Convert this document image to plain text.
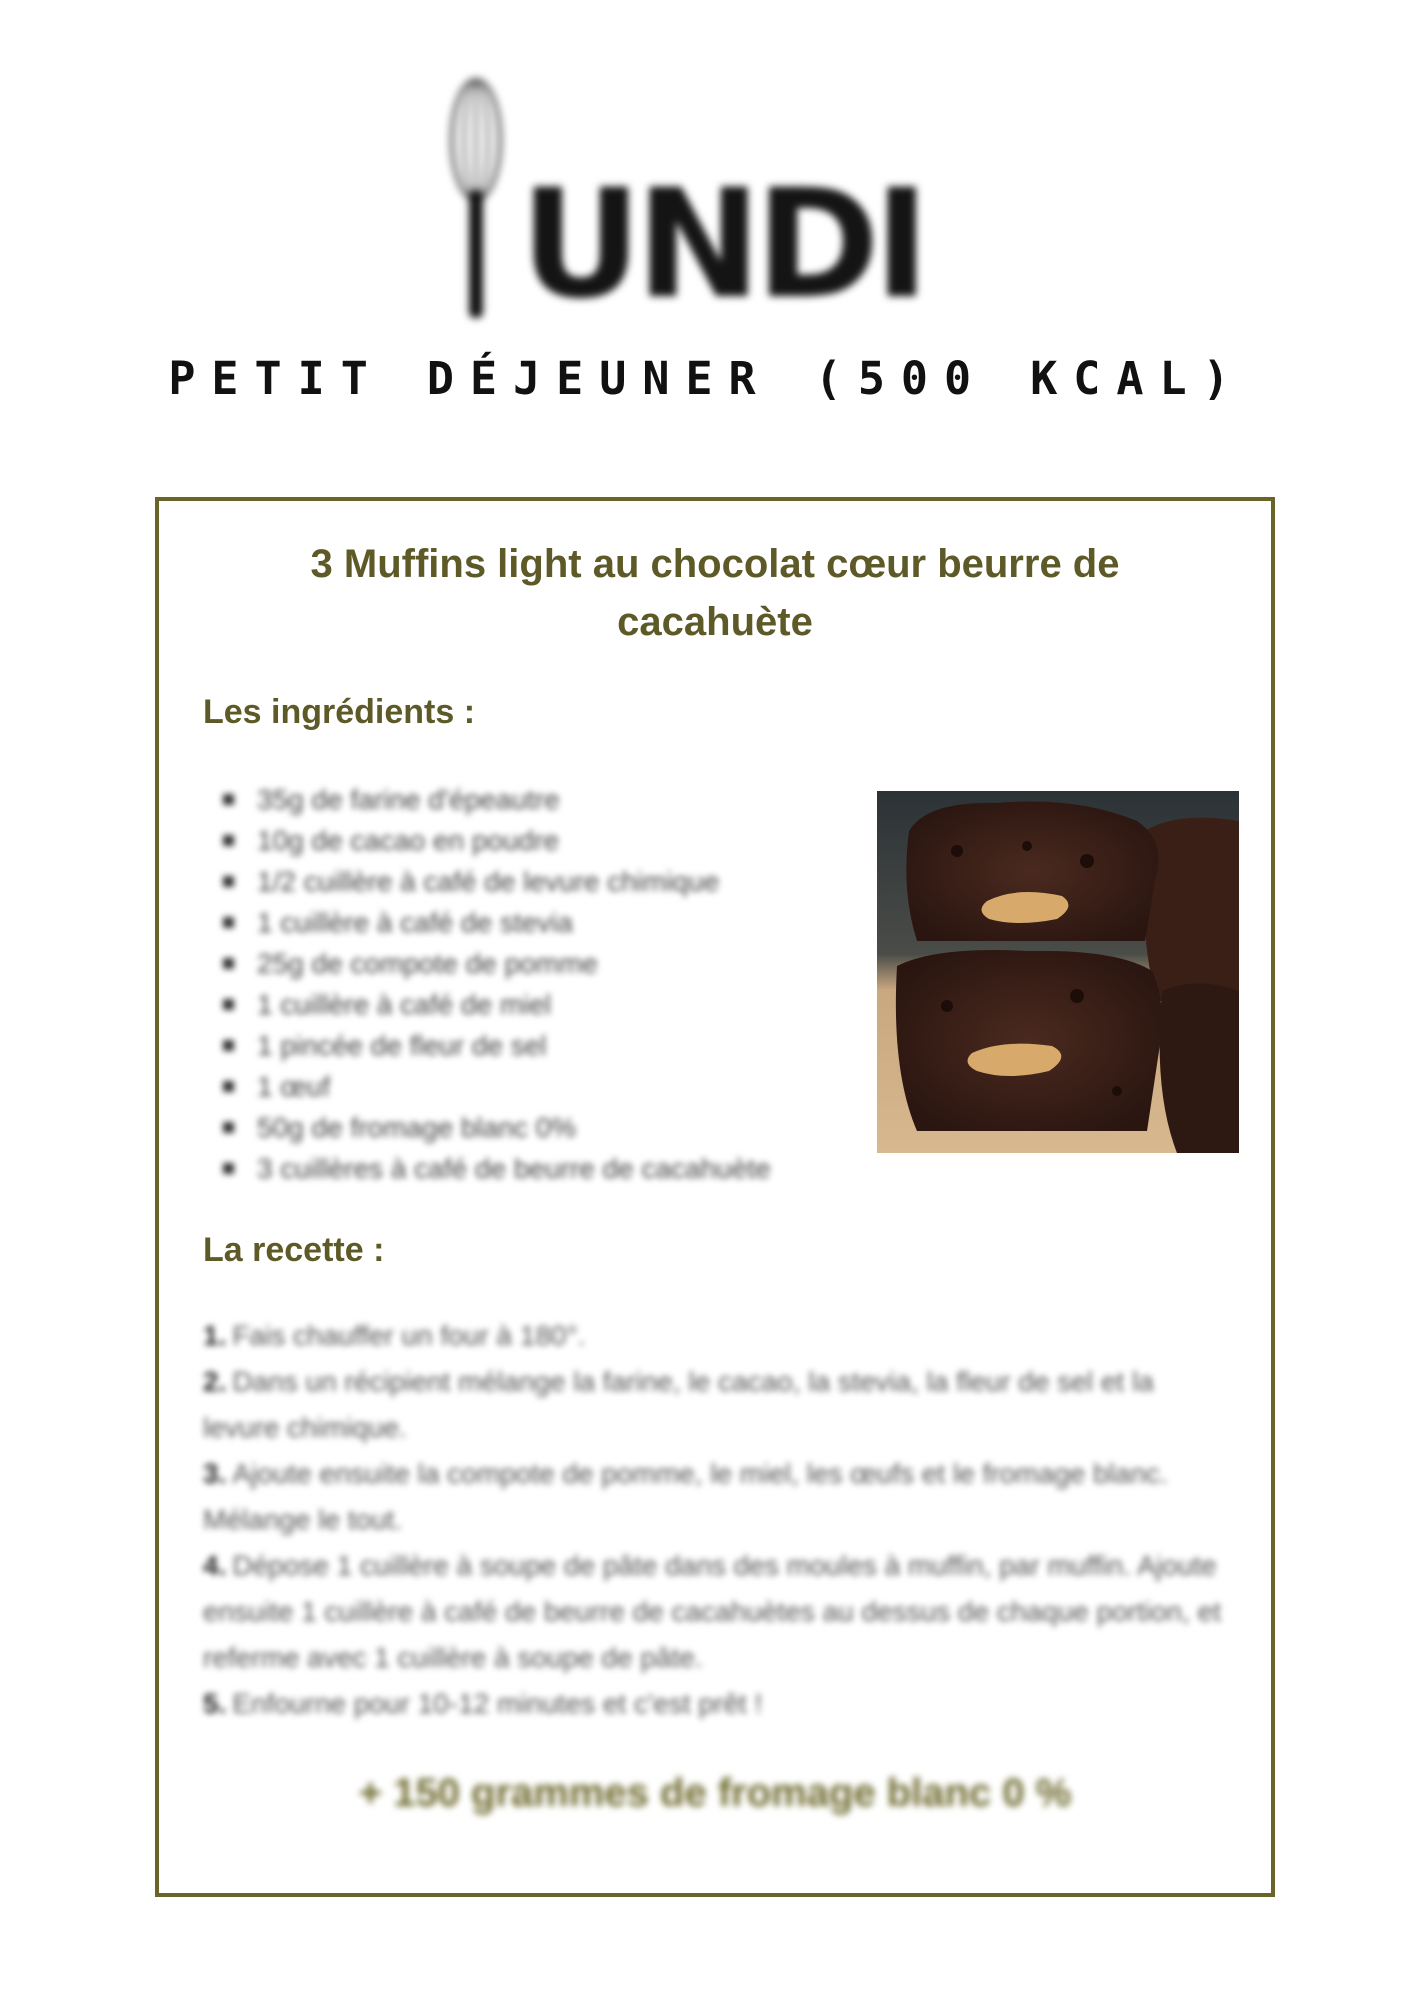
UNDI
PETIT DÉJEUNER (500 KCAL)
3 Muffins light au chocolat cœur beurre de
cacahuète
Les ingrédients :
35g de farine d'épeautre
10g de cacao en poudre
1/2 cuillère à café de levure chimique
1 cuillère à café de stevia
25g de compote de pomme
1 cuillère à café de miel
1 pincée de fleur de sel
1 œuf
50g de fromage blanc 0%
3 cuillères à café de beurre de cacahuète
La recette :

1. Fais chauffer un four à 180°.

2. Dans un récipient mélange la farine, le cacao, la stevia, la fleur de sel et la levure chimique.

3. Ajoute ensuite la compote de pomme, le miel, les œufs et le fromage blanc. Mélange le tout.

4. Dépose 1 cuillère à soupe de pâte dans des moules à muffin, par muffin. Ajoute ensuite 1 cuillère à café de beurre de cacahuètes au dessus de chaque portion, et referme avec 1 cuillère à soupe de pâte.

5. Enfourne pour 10-12 minutes et c'est prêt !

+ 150 grammes de fromage blanc 0 %
